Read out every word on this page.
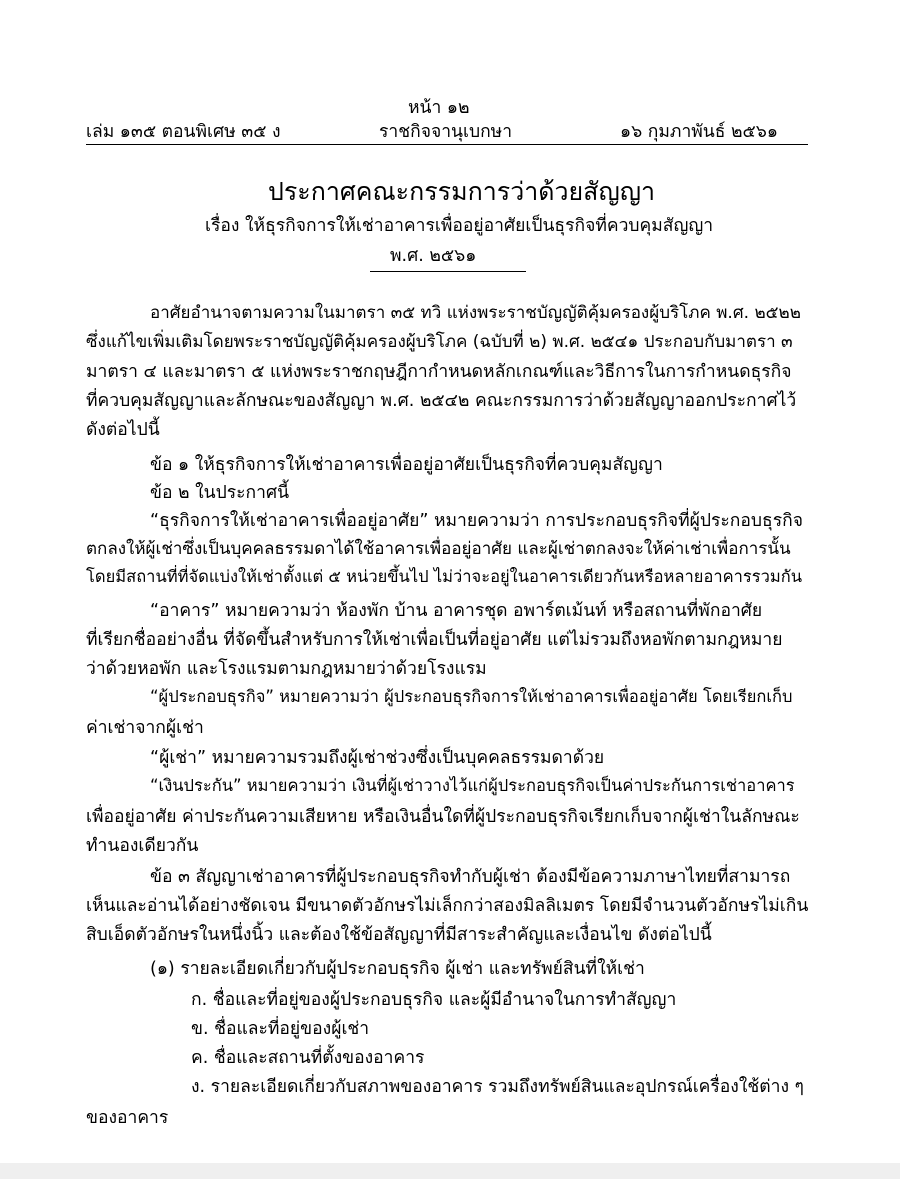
หน้า ๑๒
เล่ม ๑๓๕ ตอนพิเศษ ๓๕ ง	ราชกิจจานุเบกษา	๑๖ กุมภาพันธ์ ๒๕๖๑
ประกาศคณะกรรมการว่าด้วยสัญญา
เรื่อง ให้ธุรกิจการให้เช่าอาคารเพื่ออยู่อาศัยเป็นธุรกิจที่ควบคุมสัญญา
พ.ศ. ๒๕๖๑
อาศัยอำนาจตามความในมาตรา ๓๕ ทวิ แห่งพระราชบัญญัติคุ้มครองผู้บริโภค พ.ศ. ๒๕๒๒
ซึ่งแก้ไขเพิ่มเติมโดยพระราชบัญญัติคุ้มครองผู้บริโภค (ฉบับที่ ๒) พ.ศ. ๒๕๔๑ ประกอบกับมาตรา ๓
มาตรา ๔ และมาตรา ๕ แห่งพระราชกฤษฎีกากำหนดหลักเกณฑ์และวิธีการในการกำหนดธุรกิจ
ที่ควบคุมสัญญาและลักษณะของสัญญา พ.ศ. ๒๕๔๒ คณะกรรมการว่าด้วยสัญญาออกประกาศไว้
ดังต่อไปนี้
ข้อ ๑ ให้ธุรกิจการให้เช่าอาคารเพื่ออยู่อาศัยเป็นธุรกิจที่ควบคุมสัญญา
ข้อ ๒ ในประกาศนี้
“ธุรกิจการให้เช่าอาคารเพื่ออยู่อาศัย” หมายความว่า การประกอบธุรกิจที่ผู้ประกอบธุรกิจ
ตกลงให้ผู้เช่าซึ่งเป็นบุคคลธรรมดาได้ใช้อาคารเพื่ออยู่อาศัย และผู้เช่าตกลงจะให้ค่าเช่าเพื่อการนั้น
โดยมีสถานที่ที่จัดแบ่งให้เช่าตั้งแต่ ๕ หน่วยขึ้นไป ไม่ว่าจะอยู่ในอาคารเดียวกันหรือหลายอาคารรวมกัน
“อาคาร” หมายความว่า ห้องพัก บ้าน อาคารชุด อพาร์ตเม้นท์ หรือสถานที่พักอาศัย
ที่เรียกชื่ออย่างอื่น ที่จัดขึ้นสำหรับการให้เช่าเพื่อเป็นที่อยู่อาศัย แต่ไม่รวมถึงหอพักตามกฎหมาย
ว่าด้วยหอพัก และโรงแรมตามกฎหมายว่าด้วยโรงแรม
“ผู้ประกอบธุรกิจ” หมายความว่า ผู้ประกอบธุรกิจการให้เช่าอาคารเพื่ออยู่อาศัย โดยเรียกเก็บ
ค่าเช่าจากผู้เช่า
“ผู้เช่า” หมายความรวมถึงผู้เช่าช่วงซึ่งเป็นบุคคลธรรมดาด้วย
“เงินประกัน” หมายความว่า เงินที่ผู้เช่าวางไว้แก่ผู้ประกอบธุรกิจเป็นค่าประกันการเช่าอาคาร
เพื่ออยู่อาศัย ค่าประกันความเสียหาย หรือเงินอื่นใดที่ผู้ประกอบธุรกิจเรียกเก็บจากผู้เช่าในลักษณะ
ทำนองเดียวกัน
ข้อ ๓ สัญญาเช่าอาคารที่ผู้ประกอบธุรกิจทำกับผู้เช่า ต้องมีข้อความภาษาไทยที่สามารถ
เห็นและอ่านได้อย่างชัดเจน มีขนาดตัวอักษรไม่เล็กกว่าสองมิลลิเมตร โดยมีจำนวนตัวอักษรไม่เกิน
สิบเอ็ดตัวอักษรในหนึ่งนิ้ว และต้องใช้ข้อสัญญาที่มีสาระสำคัญและเงื่อนไข ดังต่อไปนี้
(๑) รายละเอียดเกี่ยวกับผู้ประกอบธุรกิจ ผู้เช่า และทรัพย์สินที่ให้เช่า
ก. ชื่อและที่อยู่ของผู้ประกอบธุรกิจ และผู้มีอำนาจในการทำสัญญา
ข. ชื่อและที่อยู่ของผู้เช่า
ค. ชื่อและสถานที่ตั้งของอาคาร
ง. รายละเอียดเกี่ยวกับสภาพของอาคาร รวมถึงทรัพย์สินและอุปกรณ์เครื่องใช้ต่าง ๆ
ของอาคาร
